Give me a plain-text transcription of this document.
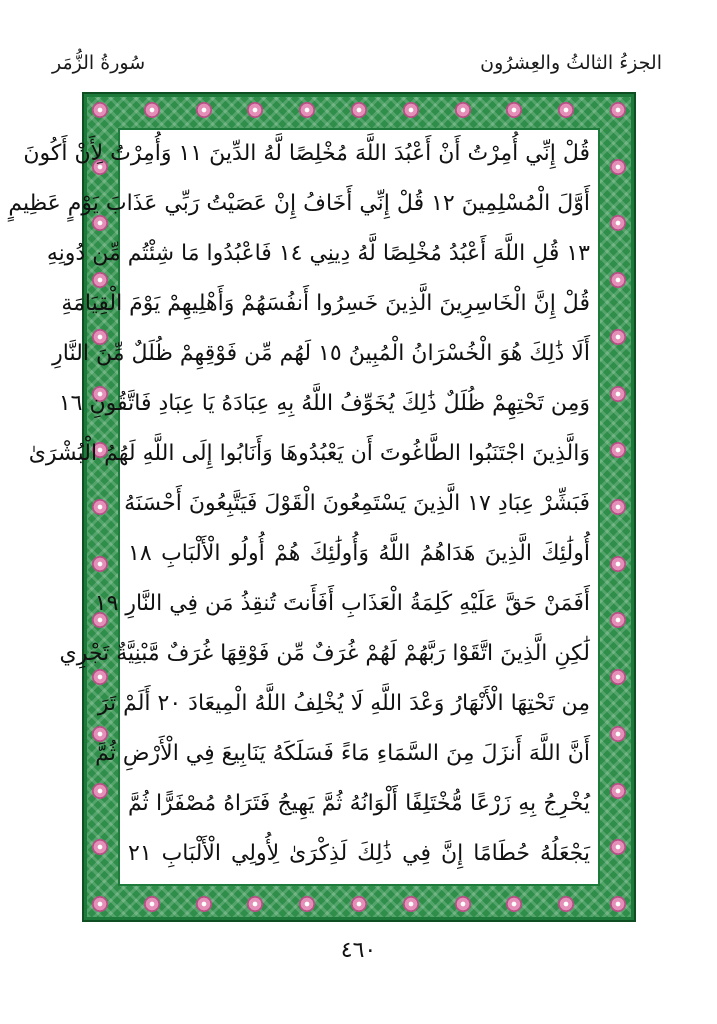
الجزءُ الثالثُ والعِشرُون
سُورةُ الزُّمَر
قُلْ إِنِّي أُمِرْتُ أَنْ أَعْبُدَ اللَّهَ مُخْلِصًا لَّهُ الدِّينَ ١١ وَأُمِرْتُ لِأَنْ أَكُونَ
أَوَّلَ الْمُسْلِمِينَ ١٢ قُلْ إِنِّي أَخَافُ إِنْ عَصَيْتُ رَبِّي عَذَابَ يَوْمٍ عَظِيمٍ
١٣ قُلِ اللَّهَ أَعْبُدُ مُخْلِصًا لَّهُ دِينِي ١٤ فَاعْبُدُوا مَا شِئْتُم مِّن دُونِهِ
قُلْ إِنَّ الْخَاسِرِينَ الَّذِينَ خَسِرُوا أَنفُسَهُمْ وَأَهْلِيهِمْ يَوْمَ الْقِيَامَةِ
أَلَا ذَٰلِكَ هُوَ الْخُسْرَانُ الْمُبِينُ ١٥ لَهُم مِّن فَوْقِهِمْ ظُلَلٌ مِّنَ النَّارِ
وَمِن تَحْتِهِمْ ظُلَلٌ ذَٰلِكَ يُخَوِّفُ اللَّهُ بِهِ عِبَادَهُ يَا عِبَادِ فَاتَّقُونِ ١٦
وَالَّذِينَ اجْتَنَبُوا الطَّاغُوتَ أَن يَعْبُدُوهَا وَأَنَابُوا إِلَى اللَّهِ لَهُمُ الْبُشْرَىٰ
فَبَشِّرْ عِبَادِ ١٧ الَّذِينَ يَسْتَمِعُونَ الْقَوْلَ فَيَتَّبِعُونَ أَحْسَنَهُ
أُولَٰئِكَ الَّذِينَ هَدَاهُمُ اللَّهُ وَأُولَٰئِكَ هُمْ أُولُو الْأَلْبَابِ ١٨
أَفَمَنْ حَقَّ عَلَيْهِ كَلِمَةُ الْعَذَابِ أَفَأَنتَ تُنقِذُ مَن فِي النَّارِ ١٩
لَٰكِنِ الَّذِينَ اتَّقَوْا رَبَّهُمْ لَهُمْ غُرَفٌ مِّن فَوْقِهَا غُرَفٌ مَّبْنِيَّةٌ تَجْرِي
مِن تَحْتِهَا الْأَنْهَارُ وَعْدَ اللَّهِ لَا يُخْلِفُ اللَّهُ الْمِيعَادَ ٢٠ أَلَمْ تَرَ
أَنَّ اللَّهَ أَنزَلَ مِنَ السَّمَاءِ مَاءً فَسَلَكَهُ يَنَابِيعَ فِي الْأَرْضِ ثُمَّ
يُخْرِجُ بِهِ زَرْعًا مُّخْتَلِفًا أَلْوَانُهُ ثُمَّ يَهِيجُ فَتَرَاهُ مُصْفَرًّا ثُمَّ
يَجْعَلُهُ حُطَامًا إِنَّ فِي ذَٰلِكَ لَذِكْرَىٰ لِأُولِي الْأَلْبَابِ ٢١
٤٦٠
